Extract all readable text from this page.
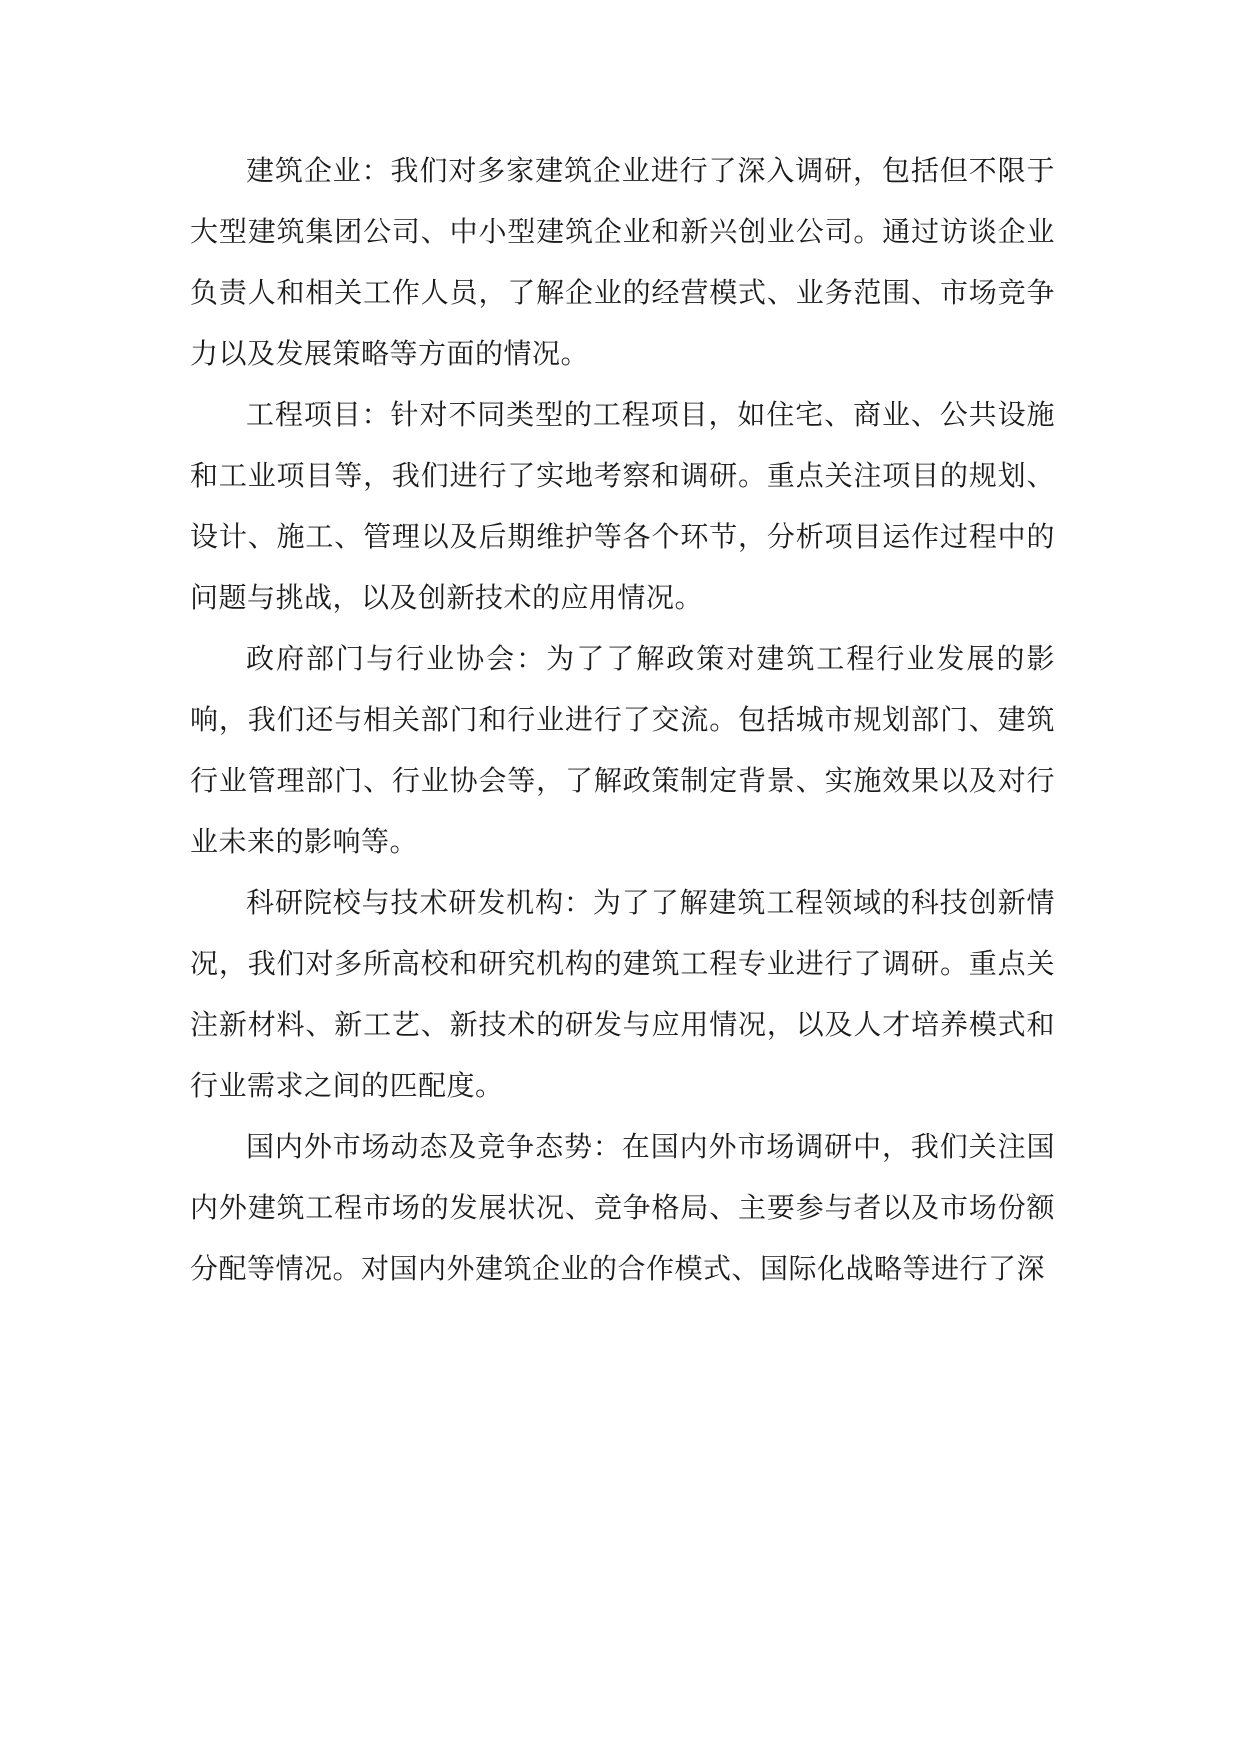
建筑企业：我们对多家建筑企业进行了深入调研，包括但不限于大型建筑集团公司、中小型建筑企业和新兴创业公司。通过访谈企业负责人和相关工作人员，了解企业的经营模式、业务范围、市场竞争力以及发展策略等方面的情况。

工程项目：针对不同类型的工程项目，如住宅、商业、公共设施和工业项目等，我们进行了实地考察和调研。重点关注项目的规划、设计、施工、管理以及后期维护等各个环节，分析项目运作过程中的问题与挑战，以及创新技术的应用情况。

政府部门与行业协会：为了了解政策对建筑工程行业发展的影响，我们还与相关部门和行业进行了交流。包括城市规划部门、建筑行业管理部门、行业协会等，了解政策制定背景、实施效果以及对行业未来的影响等。

科研院校与技术研发机构：为了了解建筑工程领域的科技创新情况，我们对多所高校和研究机构的建筑工程专业进行了调研。重点关注新材料、新工艺、新技术的研发与应用情况，以及人才培养模式和行业需求之间的匹配度。

国内外市场动态及竞争态势：在国内外市场调研中，我们关注国内外建筑工程市场的发展状况、竞争格局、主要参与者以及市场份额分配等情况。对国内外建筑企业的合作模式、国际化战略等进行了深
